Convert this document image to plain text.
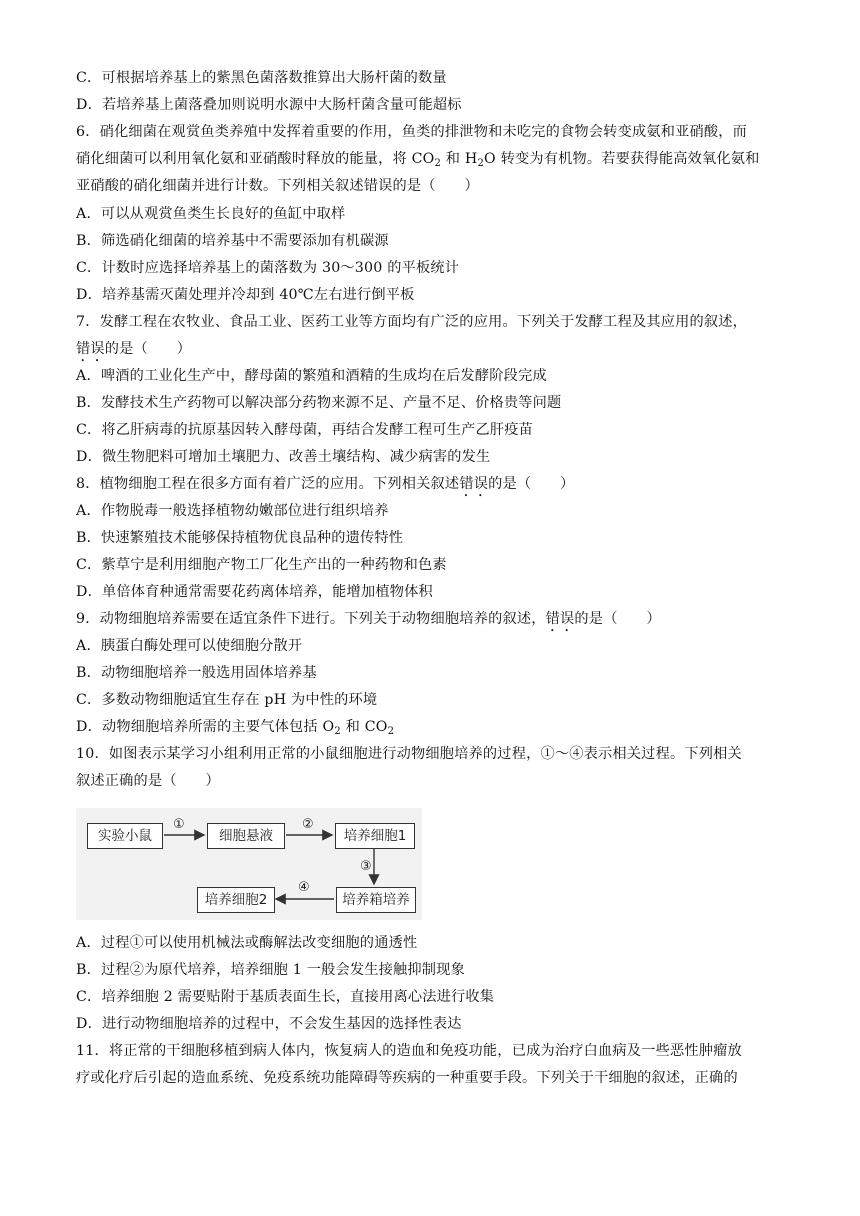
C．可根据培养基上的紫黑色菌落数推算出大肠杆菌的数量
D．若培养基上菌落叠加则说明水源中大肠杆菌含量可能超标
6．硝化细菌在观赏鱼类养殖中发挥着重要的作用，鱼类的排泄物和未吃完的食物会转变成氨和亚硝酸，而
硝化细菌可以利用氧化氨和亚硝酸时释放的能量，将 $CO_2$ 和 $H_2O$ 转变为有机物。若要获得能高效氧化氨和
亚硝酸的硝化细菌并进行计数。下列相关叙述错误的是（　　）
A．可以从观赏鱼类生长良好的鱼缸中取样
B．筛选硝化细菌的培养基中不需要添加有机碳源
C．计数时应选择培养基上的菌落数为 30～300 的平板统计
D．培养基需灭菌处理并冷却到 40℃左右进行倒平板
7．发酵工程在农牧业、食品工业、医药工业等方面均有广泛的应用。下列关于发酵工程及其应用的叙述，
错误的是（　　）
A．啤酒的工业化生产中，酵母菌的繁殖和酒精的生成均在后发酵阶段完成
B．发酵技术生产药物可以解决部分药物来源不足、产量不足、价格贵等问题
C．将乙肝病毒的抗原基因转入酵母菌，再结合发酵工程可生产乙肝疫苗
D．微生物肥料可增加土壤肥力、改善土壤结构、减少病害的发生
8．植物细胞工程在很多方面有着广泛的应用。下列相关叙述错误的是（　　）
A．作物脱毒一般选择植物幼嫩部位进行组织培养
B．快速繁殖技术能够保持植物优良品种的遗传特性
C．紫草宁是利用细胞产物工厂化生产出的一种药物和色素
D．单倍体育种通常需要花药离体培养，能增加植物体积
9．动物细胞培养需要在适宜条件下进行。下列关于动物细胞培养的叙述，错误的是（　　）
A．胰蛋白酶处理可以使细胞分散开
B．动物细胞培养一般选用固体培养基
C．多数动物细胞适宜生存在 pH 为中性的环境
D．动物细胞培养所需的主要气体包括 $O_2$ 和 $CO_2$
10．如图表示某学习小组利用正常的小鼠细胞进行动物细胞培养的过程，①～④表示相关过程。下列相关
叙述正确的是（　　）
实验小鼠	细胞悬液	培养细胞1
培养箱培养
培养细胞2
①	②
③
④
A．过程①可以使用机械法或酶解法改变细胞的通透性
B．过程②为原代培养，培养细胞 1 一般会发生接触抑制现象
C．培养细胞 2 需要贴附于基质表面生长，直接用离心法进行收集
D．进行动物细胞培养的过程中，不会发生基因的选择性表达
11．将正常的干细胞移植到病人体内，恢复病人的造血和免疫功能，已成为治疗白血病及一些恶性肿瘤放
疗或化疗后引起的造血系统、免疫系统功能障碍等疾病的一种重要手段。下列关于干细胞的叙述，正确的
